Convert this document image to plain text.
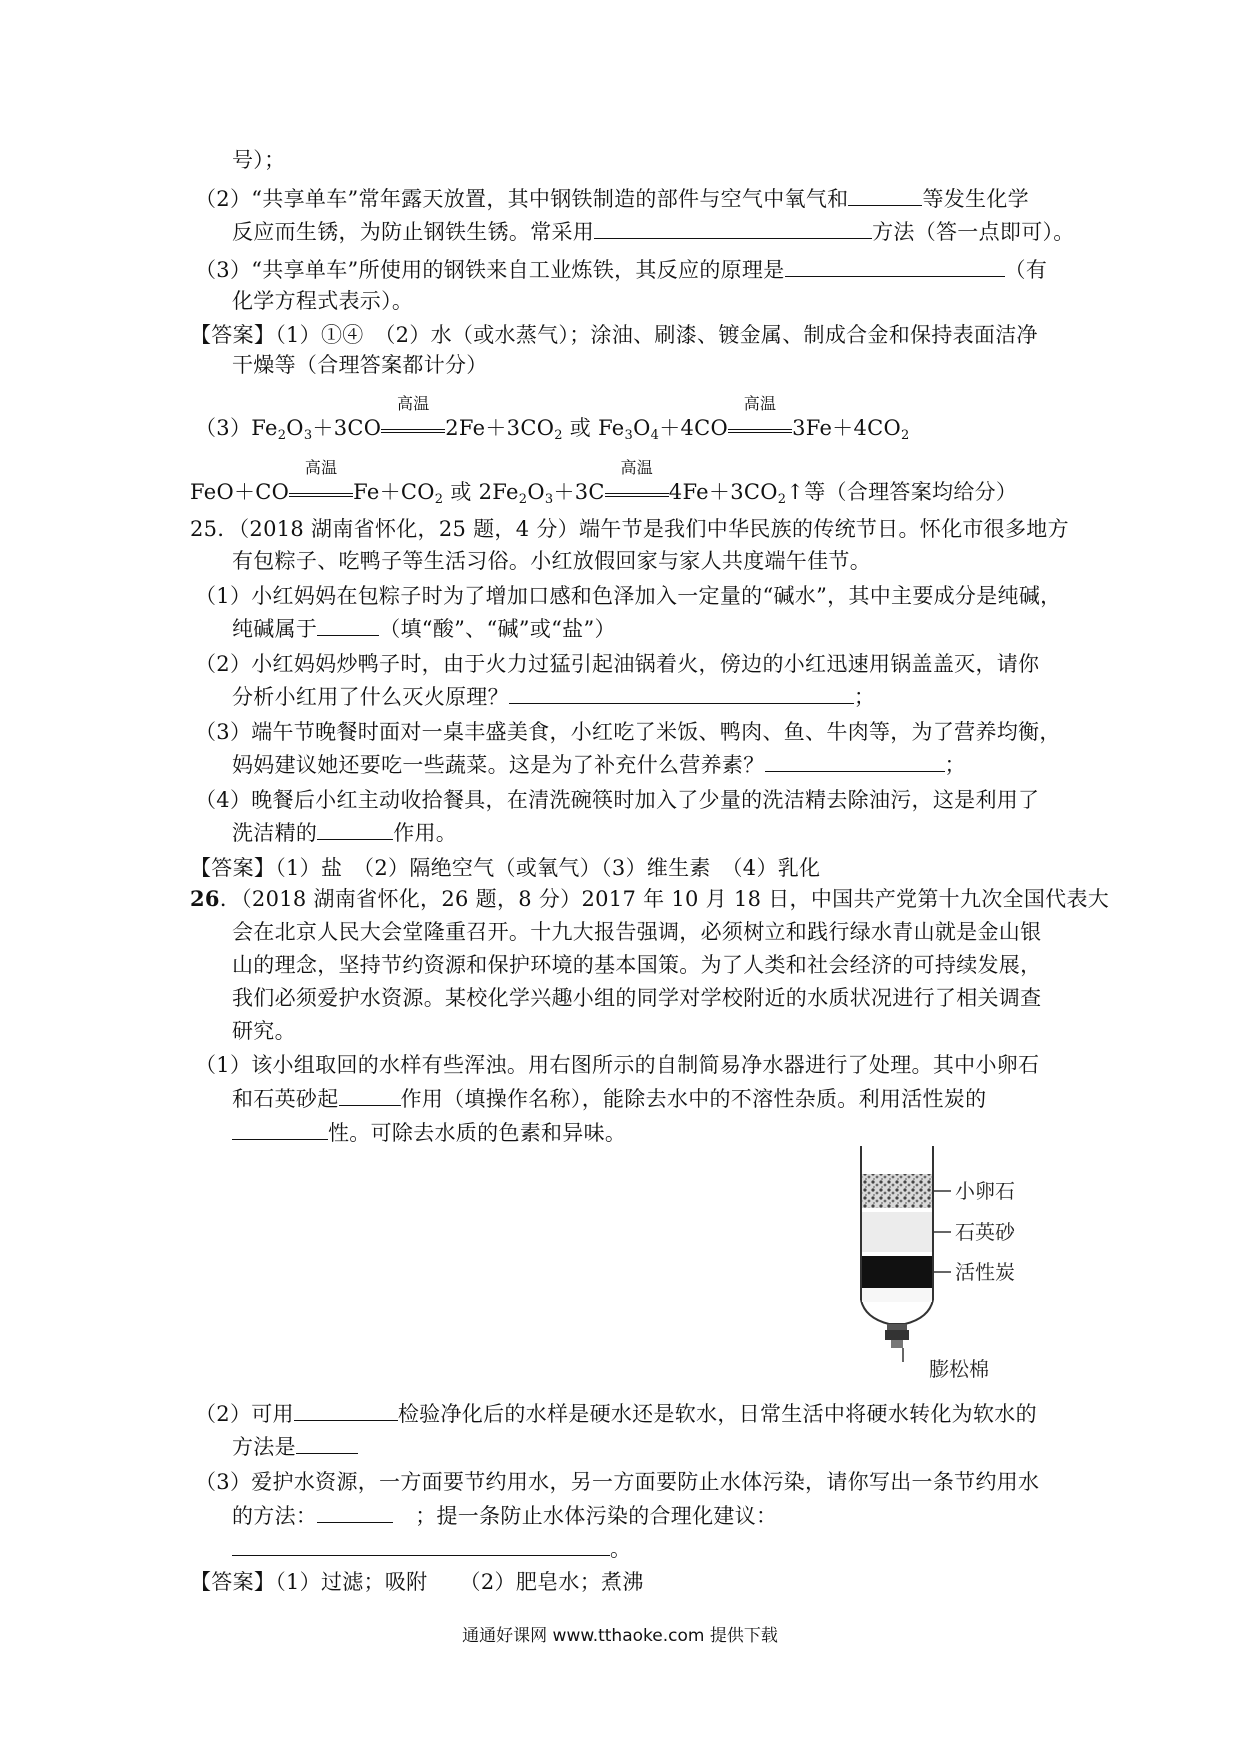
号）；
（2）“共享单车”常年露天放置，其中钢铁制造的部件与空气中氧气和	等发生化学
反应而生锈，为防止钢铁生锈。常采用	方法（答一点即可）。
（3）“共享单车”所使用的钢铁来自工业炼铁，其反应的原理是	（有
化学方程式表示）。
【答案】（1）①④　（2）水（或水蒸气）；涂油、刷漆、镀金属、制成合金和保持表面洁净
干燥等（合理答案都计分）
$(3)Fe_2O_3+3CO$
高温
$2Fe+3CO_2$ 或 $Fe_3O_4+4CO$
高温
$3Fe+4CO_2$
FeO＋CO
高温
$Fe+CO_2$ 或 $2Fe_2O_3+3C$
高温
$4Fe+3CO_2↑$等（合理答案均给分）
25．（2018 湖南省怀化，25 题，4 分）端午节是我们中华民族的传统节日。怀化市很多地方
有包粽子、吃鸭子等生活习俗。小红放假回家与家人共度端午佳节。
（1）小红妈妈在包粽子时为了增加口感和色泽加入一定量的“碱水”，其中主要成分是纯碱，
纯碱属于	（填“酸”、“碱”或“盐”）
（2）小红妈妈炒鸭子时，由于火力过猛引起油锅着火，傍边的小红迅速用锅盖盖灭，请你
分析小红用了什么灭火原理？	；
（3）端午节晚餐时面对一桌丰盛美食，小红吃了米饭、鸭肉、鱼、牛肉等，为了营养均衡，
妈妈建议她还要吃一些蔬菜。这是为了补充什么营养素？	；
（4）晚餐后小红主动收拾餐具，在清洗碗筷时加入了少量的洗洁精去除油污，这是利用了
洗洁精的	作用。
【答案】（1）盐　（2）隔绝空气（或氧气）（3）维生素　（4）乳化
26．（2018 湖南省怀化，26 题，8 分）2017 年 10 月 18 日，中国共产党第十九次全国代表大
会在北京人民大会堂隆重召开。十九大报告强调，必须树立和践行绿水青山就是金山银
山的理念，坚持节约资源和保护环境的基本国策。为了人类和社会经济的可持续发展，
我们必须爱护水资源。某校化学兴趣小组的同学对学校附近的水质状况进行了相关调查
研究。
（1）该小组取回的水样有些浑浊。用右图所示的自制简易净水器进行了处理。其中小卵石
和石英砂起	作用（填操作名称），能除去水中的不溶性杂质。利用活性炭的
性。可除去水质的色素和异味。
小卵石
石英砂
活性炭
膨松棉
（2）可用	检验净化后的水样是硬水还是软水，日常生活中将硬水转化为软水的
方法是
（3）爱护水资源，一方面要节约用水，另一方面要防止水体污染，请你写出一条节约用水
的方法：	；提一条防止水体污染的合理化建议：
。
【答案】（1）过滤；吸附　　（2）肥皂水；煮沸
通通好课网 www.tthaoke.com 提供下载
